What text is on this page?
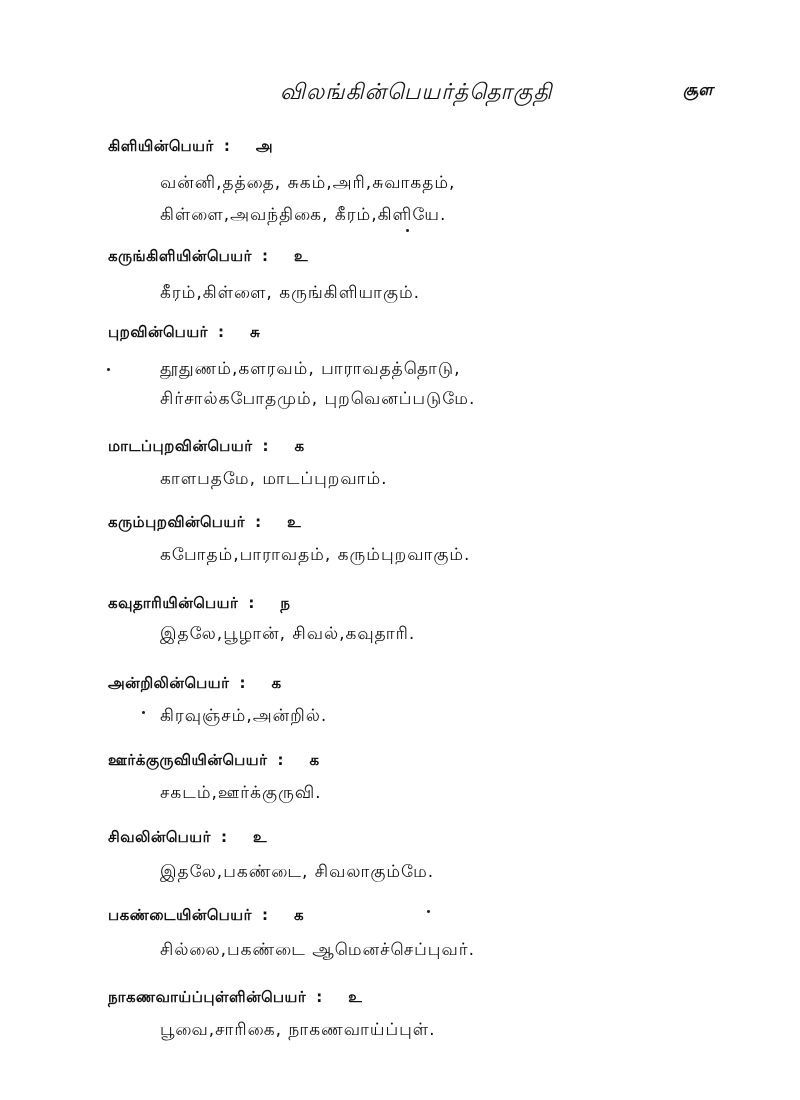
விலங்கின்பெயர்த்தொகுதி	சூள
கிளியின்பெயர் : அ
வன்னி,தத்தை, சுகம்,அரி,சுவாகதம்,
கிள்ளை,அவந்திகை, கீரம்,கிளியே.
கருங்கிளியின்பெயர் : உ
கீரம்,கிள்ளை, கருங்கிளியாகும்.
புறவின்பெயர் : சு
தூதுணம்,களரவம், பாராவதத்தொடு,
சிர்சால்கபோதமும், புறவெனப்படுமே.
மாடப்புறவின்பெயர் : க
காளபதமே, மாடப்புறவாம்.
கரும்புறவின்பெயர் : உ
கபோதம்,பாராவதம், கரும்புறவாகும்.
கவுதாரியின்பெயர் : ந
இதலே,பூழான், சிவல்,கவுதாரி.
அன்றிலின்பெயர் : க
கிரவுஞ்சம்,அன்றில்.
ஊர்க்குருவியின்பெயர் : க
சகடம்,ஊர்க்குருவி.
சிவலின்பெயர் : உ
இதலே,பகண்டை, சிவலாகும்மே.
பகண்டையின்பெயர் : க
சில்லை,பகண்டை ஆமெனச்செப்புவர்.
நாகணவாய்ப்புள்ளின்பெயர் : உ
பூவை,சாரிகை, நாகணவாய்ப்புள்.
